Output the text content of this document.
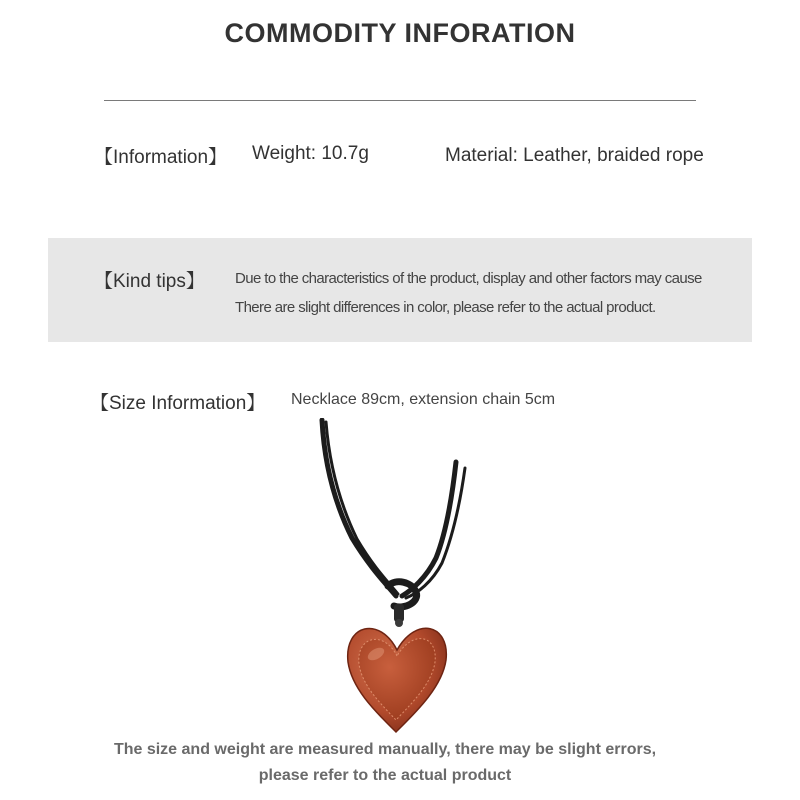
COMMODITY INFORATION
【Information】 Weight: 10.7g	Material: Leather, braided rope
【Kind tips】 Due to the characteristics of the product, display and other factors may cause
There are slight differences in color, please refer to the actual product.
【Size Information】 Necklace 89cm, extension chain 5cm
The size and weight are measured manually, there may be slight errors,
please refer to the actual product
